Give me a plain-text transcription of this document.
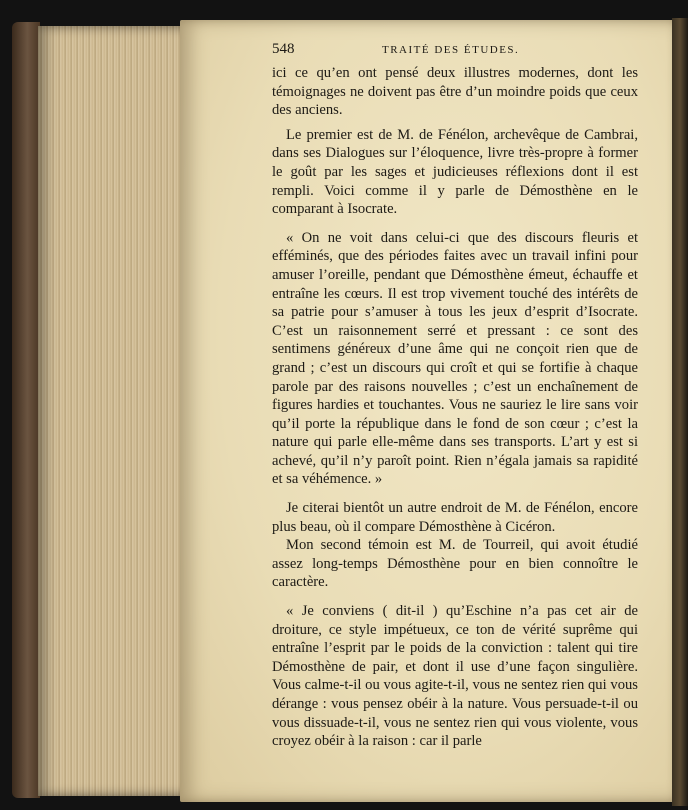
548	TRAITÉ DES ÉTUDES.

ici ce qu’en ont pensé deux illustres modernes, dont les témoignages ne doivent pas être d’un moindre poids que ceux des anciens.

Le premier est de M. de Fénélon, archevêque de Cambrai, dans ses Dialogues sur l’éloquence, livre très-propre à former le goût par les sages et judicieuses réflexions dont il est rempli. Voici comme il y parle de Démosthène en le comparant à Isocrate.

« On ne voit dans celui-ci que des discours fleuris et efféminés, que des périodes faites avec un travail infini pour amuser l’oreille, pendant que Démosthène émeut, échauffe et entraîne les cœurs. Il est trop vivement touché des intérêts de sa patrie pour s’amuser à tous les jeux d’esprit d’Isocrate. C’est un raisonnement serré et pressant : ce sont des sentimens généreux d’une âme qui ne conçoit rien que de grand ; c’est un discours qui croît et qui se fortifie à chaque parole par des raisons nouvelles ; c’est un enchaînement de figures hardies et touchantes. Vous ne sauriez le lire sans voir qu’il porte la république dans le fond de son cœur ; c’est la nature qui parle elle-même dans ses transports. L’art y est si achevé, qu’il n’y paroît point. Rien n’égala jamais sa rapidité et sa véhémence. »

Je citerai bientôt un autre endroit de M. de Fénélon, encore plus beau, où il compare Démosthène à Cicéron.

Mon second témoin est M. de Tourreil, qui avoit étudié assez long-temps Démosthène pour en bien connoître le caractère.

« Je conviens ( dit-il ) qu’Eschine n’a pas cet air de droiture, ce style impétueux, ce ton de vérité suprême qui entraîne l’esprit par le poids de la conviction : talent qui tire Démosthène de pair, et dont il use d’une façon singulière. Vous calme-t-il ou vous agite-t-il, vous ne sentez rien qui vous dérange : vous pensez obéir à la nature. Vous persuade-t-il ou vous dissuade-t-il, vous ne sentez rien qui vous violente, vous croyez obéir à la raison : car il parle
